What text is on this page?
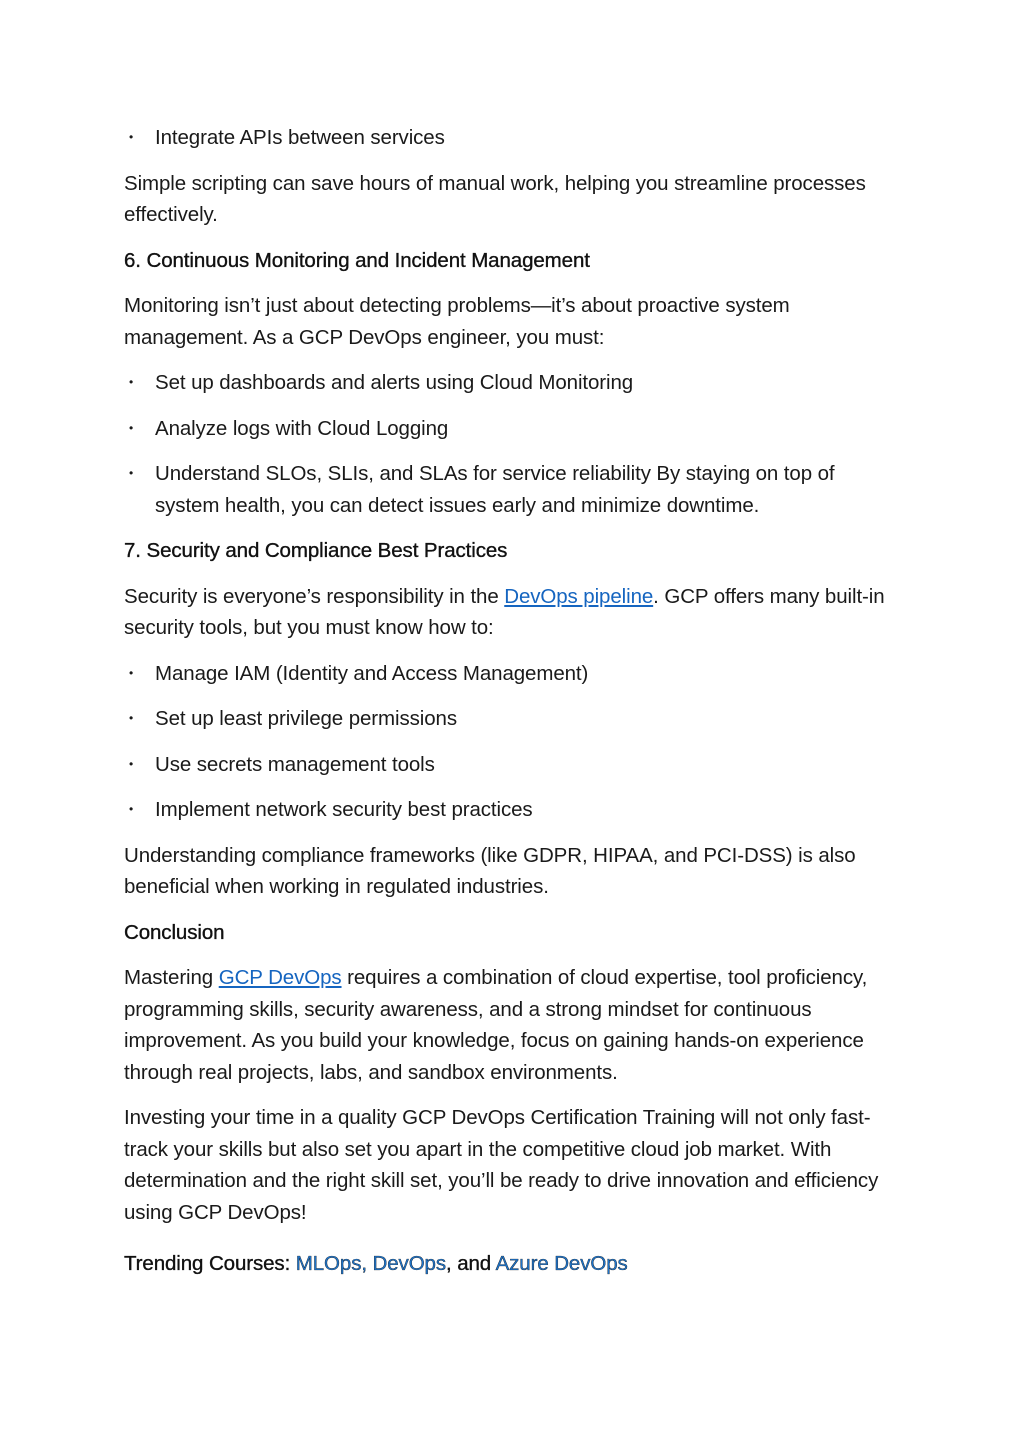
• Integrate APIs between services

Simple scripting can save hours of manual work, helping you streamline processes effectively.

6. Continuous Monitoring and Incident Management

Monitoring isn’t just about detecting problems—it’s about proactive system management. As a GCP DevOps engineer, you must:

• Set up dashboards and alerts using Cloud Monitoring
• Analyze logs with Cloud Logging
• Understand SLOs, SLIs, and SLAs for service reliability By staying on top of system health, you can detect issues early and minimize downtime.
7. Security and Compliance Best Practices

Security is everyone’s responsibility in the DevOps pipeline. GCP offers many built-in security tools, but you must know how to:

• Manage IAM (Identity and Access Management)
• Set up least privilege permissions
• Use secrets management tools
• Implement network security best practices

Understanding compliance frameworks (like GDPR, HIPAA, and PCI-DSS) is also beneficial when working in regulated industries.

Conclusion

Mastering GCP DevOps requires a combination of cloud expertise, tool proficiency, programming skills, security awareness, and a strong mindset for continuous improvement. As you build your knowledge, focus on gaining hands-on experience through real projects, labs, and sandbox environments.

Investing your time in a quality GCP DevOps Certification Training will not only fast-track your skills but also set you apart in the competitive cloud job market. With determination and the right skill set, you’ll be ready to drive innovation and efficiency using GCP DevOps!

Trending Courses: MLOps, DevOps, and Azure DevOps
